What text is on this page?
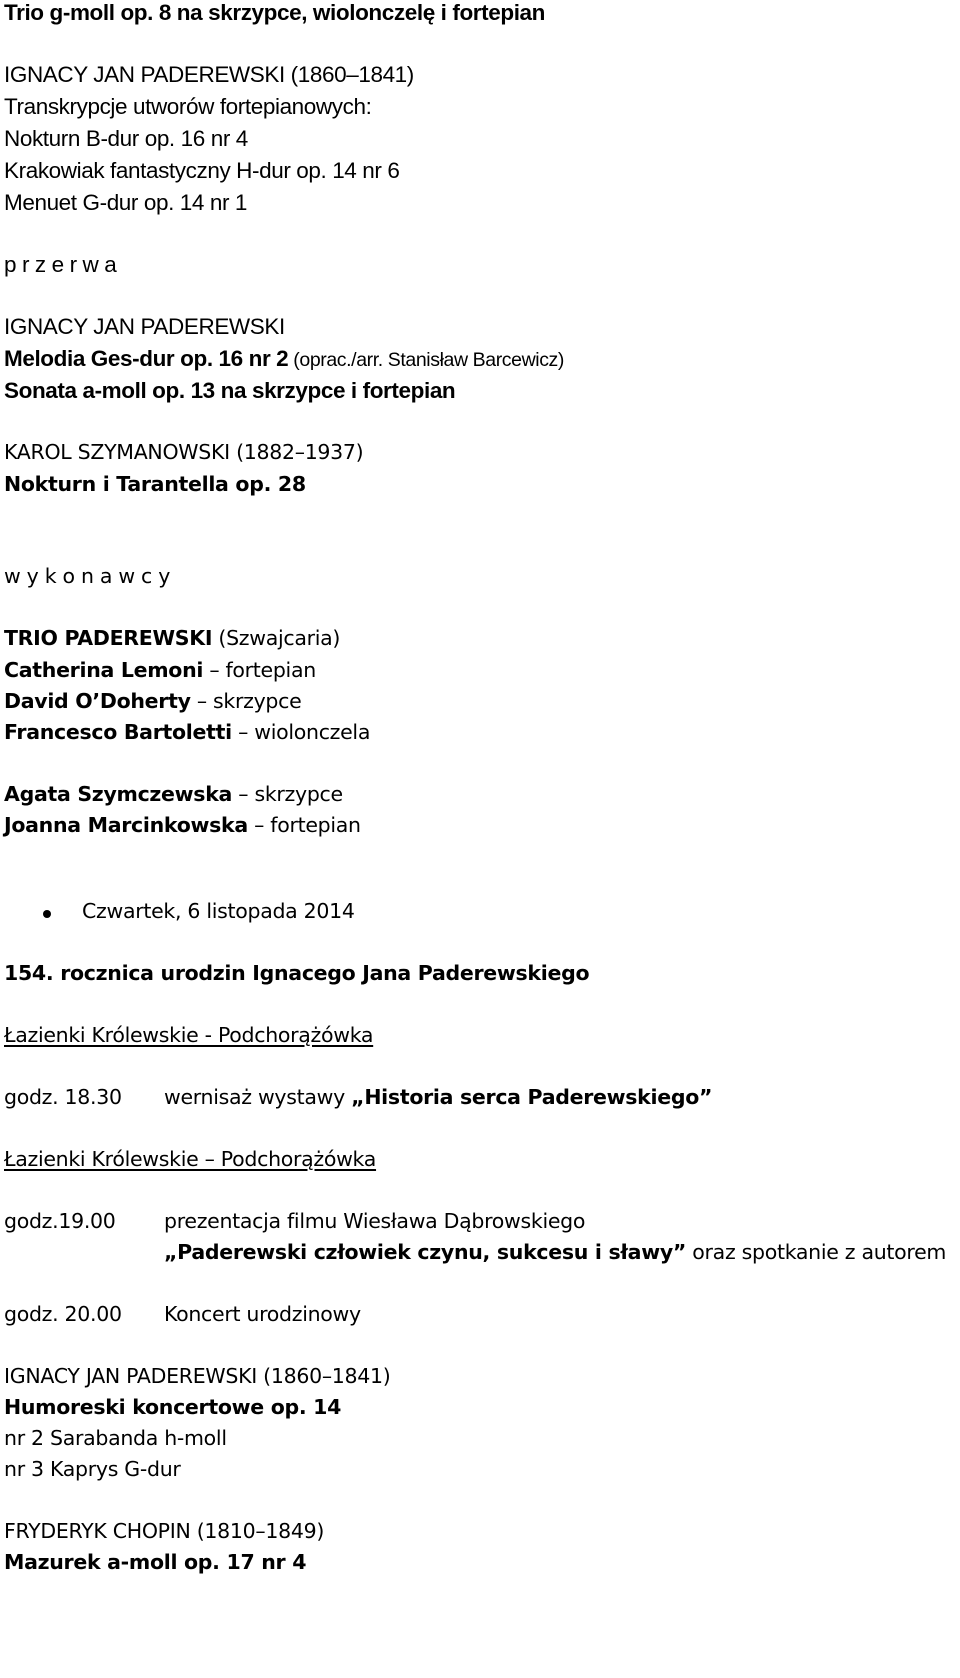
Trio g-moll op. 8 na skrzypce, wiolonczelę i fortepian
IGNACY JAN PADEREWSKI (1860–1841)
Transkrypcje utworów fortepianowych:
Nokturn B-dur op. 16 nr 4
Krakowiak fantastyczny H-dur op. 14 nr 6
Menuet G-dur op. 14 nr 1
p r z e r w a
IGNACY JAN PADEREWSKI
Melodia Ges-dur op. 16 nr 2 (oprac./arr. Stanisław Barcewicz)
Sonata a-moll op. 13 na skrzypce i fortepian
KAROL SZYMANOWSKI (1882–1937)
Nokturn i Tarantella op. 28
w y k o n a w c y
TRIO PADEREWSKI (Szwajcaria)
Catherina Lemoni – fortepian
David O’Doherty – skrzypce
Francesco Bartoletti – wiolonczela
Agata Szymczewska – skrzypce
Joanna Marcinkowska – fortepian
Czwartek, 6 listopada 2014
154. rocznica urodzin Ignacego Jana Paderewskiego
Łazienki Królewskie - Podchorążówka
godz. 18.30 wernisaż wystawy „Historia serca Paderewskiego”
Łazienki Królewskie – Podchorążówka
godz.19.00 prezentacja filmu Wiesława Dąbrowskiego
„Paderewski człowiek czynu, sukcesu i sławy” oraz spotkanie z autorem
godz. 20.00 Koncert urodzinowy
IGNACY JAN PADEREWSKI (1860–1841)
Humoreski koncertowe op. 14
nr 2 Sarabanda h-moll
nr 3 Kaprys G-dur
FRYDERYK CHOPIN (1810–1849)
Mazurek a-moll op. 17 nr 4
